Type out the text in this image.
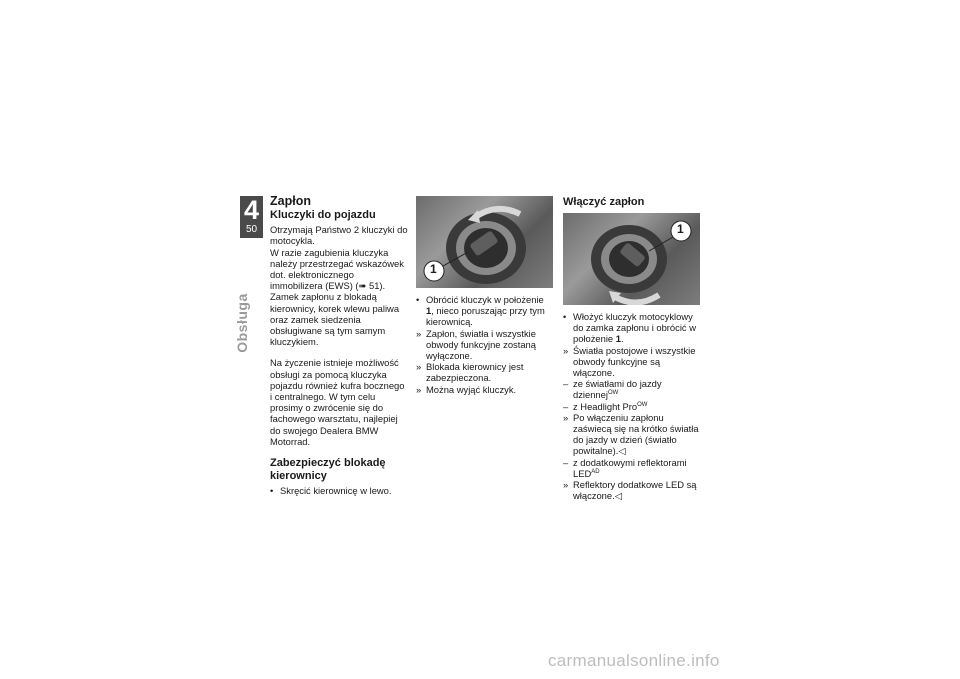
4
50
Obsługa
Zapłon
Kluczyki do pojazdu

Otrzymają Państwo 2 kluczyki do motocykla.

W razie zagubienia kluczyka należy przestrzegać wskazówek dot. elektronicznego immobilizera (EWS) (➠ 51).

Zamek zapłonu z blokadą kierownicy, korek wlewu paliwa oraz zamek siedzenia obsługiwane są tym samym kluczykiem.

Na życzenie istnieje możliwość obsługi za pomocą kluczyka pojazdu również kufra bocznego i centralnego. W tym celu prosimy o zwrócenie się do fachowego warsztatu, najlepiej do swojego Dealera BMW Motorrad.

Zabezpieczyć blokadę kierownicy
• Skręcić kierownicę w lewo.
1
• Obrócić kluczyk w położenie 1, nieco poruszając przy tym kierownicą.
» Zapłon, światła i wszystkie obwody funkcyjne zostaną wyłączone.
» Blokada kierownicy jest zabezpieczona.
» Można wyjąć kluczyk.
Włączyć zapłon
1
• Włożyć kluczyk motocyklowy do zamka zapłonu i obrócić w położenie 1.
» Światła postojowe i wszystkie obwody funkcyjne są włączone.
– ze światłami do jazdy dziennej$^{OW}$
– z Headlight Pro$^{OW}$
» Po włączeniu zapłonu zaświecą się na krótko światła do jazdy w dzień (światło powitalne).◁
– z dodatkowymi reflektorami $LED^{AD}$
» Reflektory dodatkowe LED są włączone.◁
carmanualsonline.info
